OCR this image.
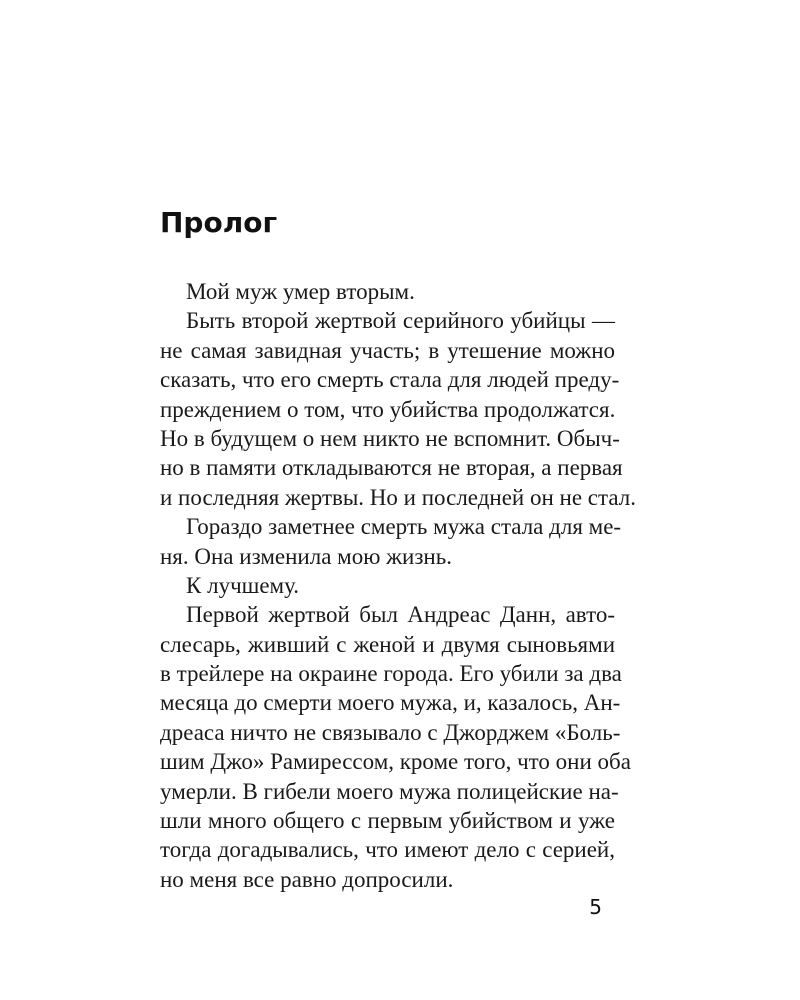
Пролог
Мой муж умер вторым.
Быть второй жертвой серийного убийцы —
не самая завидная участь; в утешение можно
сказать, что его смерть стала для людей преду-
преждением о том, что убийства продолжатся.
Но в будущем о нем никто не вспомнит. Обыч-
но в памяти откладываются не вторая, а первая
и последняя жертвы. Но и последней он не стал.
Гораздо заметнее смерть мужа стала для ме-
ня. Она изменила мою жизнь.
К лучшему.
Первой жертвой был Андреас Данн, авто-
слесарь, живший с женой и двумя сыновьями
в трейлере на окраине города. Его убили за два
месяца до смерти моего мужа, и, казалось, Ан-
дреаса ничто не связывало с Джорджем «Боль-
шим Джо» Рамирессом, кроме того, что они оба
умерли. В гибели моего мужа полицейские на-
шли много общего с первым убийством и уже
тогда догадывались, что имеют дело с серией,
но меня все равно допросили.
5
